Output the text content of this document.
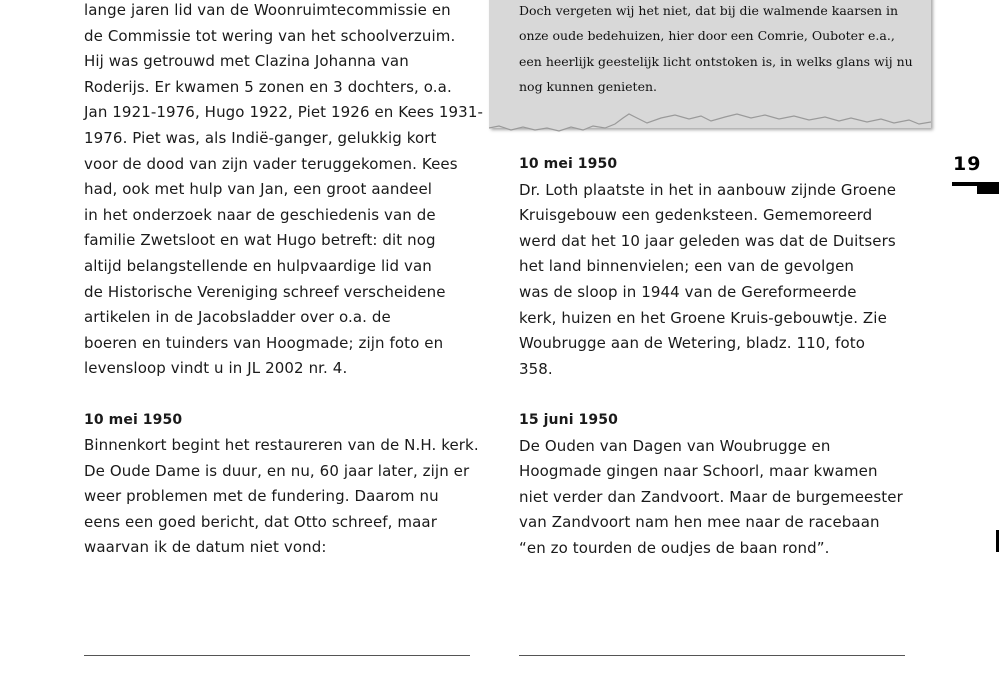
lange jaren lid van de Woonruimtecommissie en
de Commissie tot wering van het schoolverzuim.
Hij was getrouwd met Clazina Johanna van
Roderijs. Er kwamen 5 zonen en 3 dochters, o.a.
Jan 1921-1976, Hugo 1922, Piet 1926 en Kees 1931-
1976. Piet was, als Indië-ganger, gelukkig kort
voor de dood van zijn vader teruggekomen. Kees
had, ook met hulp van Jan, een groot aandeel
in het onderzoek naar de geschiedenis van de
familie Zwetsloot en wat Hugo betreft: dit nog
altijd belangstellende en hulpvaardige lid van
de Historische Vereniging schreef verscheidene
artikelen in de Jacobsladder over o.a. de
boeren en tuinders van Hoogmade; zijn foto en
levensloop vindt u in JL 2002 nr. 4.
10 mei 1950
Binnenkort begint het restaureren van de N.H. kerk.
De Oude Dame is duur, en nu, 60 jaar later, zijn er
weer problemen met de fundering. Daarom nu
eens een goed bericht, dat Otto schreef, maar
waarvan ik de datum niet vond:
Doch vergeten wij het niet, dat bij die walmende kaarsen in
onze oude bedehuizen, hier door een Comrie, Ouboter e.a.,
een heerlijk geestelijk licht ontstoken is, in welks glans wij nu
nog kunnen genieten.
10 mei 1950
Dr. Loth plaatste in het in aanbouw zijnde Groene
Kruisgebouw een gedenksteen. Gememoreerd
werd dat het 10 jaar geleden was dat de Duitsers
het land binnenvielen; een van de gevolgen
was de sloop in 1944 van de Gereformeerde
kerk, huizen en het Groene Kruis-gebouwtje. Zie
Woubrugge aan de Wetering, bladz. 110, foto
358.
15 juni 1950
De Ouden van Dagen van Woubrugge en
Hoogmade gingen naar Schoorl, maar kwamen
niet verder dan Zandvoort. Maar de burgemeester
van Zandvoort nam hen mee naar de racebaan
“en zo tourden de oudjes de baan rond”.
19
